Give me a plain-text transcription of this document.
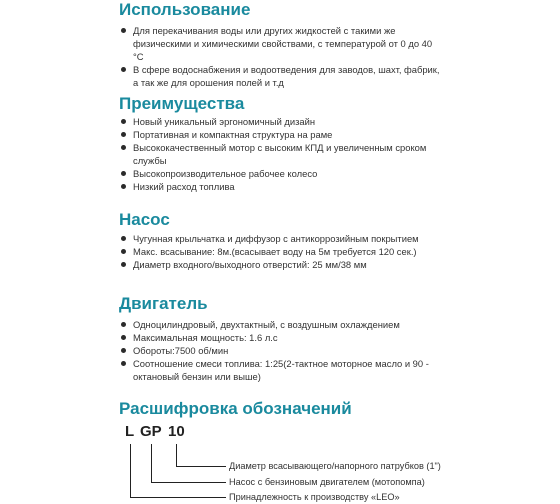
Использование
Для перекачивания воды или других жидкостей с такими же физическими и химическими свойствами, с температурой от 0 до 40 °С
В сфере водоснабжения и водоотведения для заводов, шахт, фабрик, а так же для орошения полей и т.д
Преимущества
Новый уникальный эргономичный дизайн
Портативная и компактная структура на раме
Высококачественный мотор с высоким КПД и увеличенным сроком службы
Высокопроизводительное рабочее колесо
Низкий расход топлива
Насос
Чугунная крыльчатка и диффузор с антикоррозийным покрытием
Макс. всасывание: 8м.(всасывает воду на 5м требуется 120 сек.)
Диаметр входного/выходного отверстий: 25 мм/38 мм
Двигатель
Одноцилиндровый, двухтактный, с воздушным охлаждением
Максимальная мощность: 1.6 л.с
Обороты:7500 об/мин
Соотношение смеси топлива: 1:25(2-тактное моторное масло и 90 - октановый бензин или выше)
Расшифровка обозначений
L GP 10
Диаметр всасывающего/напорного патрубков (1")
Насос с бензиновым двигателем (мотопомпа)
Принадлежность к производству «LEO»
